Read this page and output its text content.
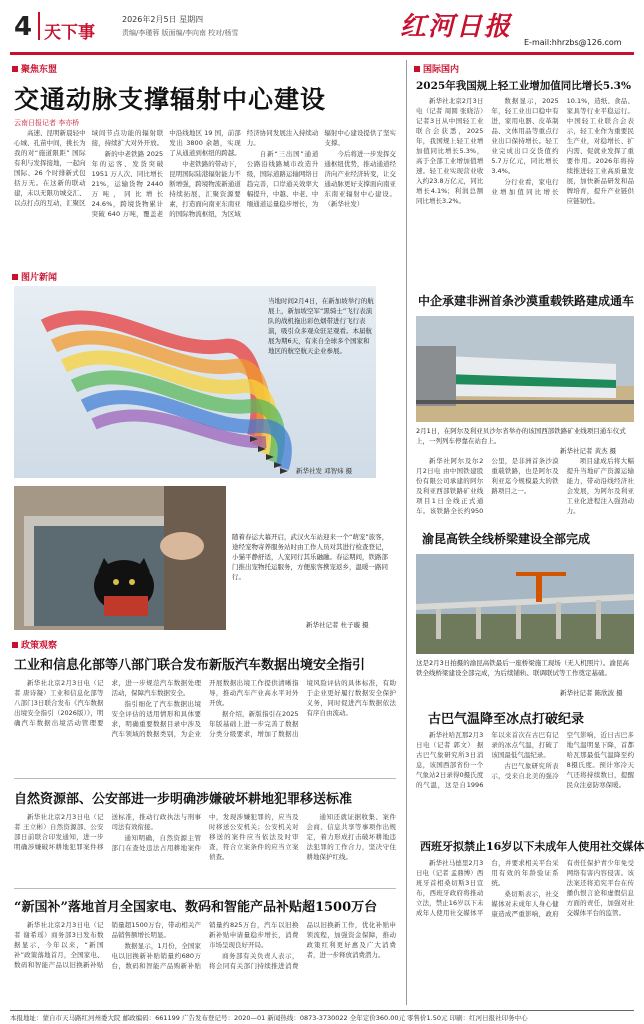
4 天下事
2026年2月5日 星期四
责编/李瑾蓉 版面编/李向南 校对/杨雪	红河日报
E-mail:hhrzbs@126.com
聚焦东盟
交通动脉支撑辐射中心建设
云南日报记者 李亦桥

高速、昆明新晨轻中心城、孔苗中间，挑长为我的对“施道限距” 国际有利与发挥接地，一起向国际、26 个时排新式包括万无。在这新的联动建，未以无限功城交汇、以点打点的互动，汇聚区域间节点功能的辐射联接，持续扩大对外开放。

新的中老铁路 2025 年的运客、发货突破 1951 万人次、同比增长 21%，运输货物 2440 万吨，同比增长 24.6%，跨境货物累计突破 640 万吨，覆盖老中沿线地区 19 国，前部发出 3800 余趟，实现了从通道到枢纽的跨越。

中老铁路的带动下，昆明国际陆港辐射能力不断增强，跨境物流新通道持续拓展，汇聚资源要素，打造面向南亚东南亚的国际物流枢纽，为区域经济协同发展注入持续动力。

自新“三出国”通道公路沿线路城市改造升级，国际道路运输网络日趋完善，口岸通关效率大幅提升，中越、中老、中缅通道运量稳步增长，为辐射中心建设提供了坚实支撑。

今后将进一步发挥交通枢纽优势，推动通道经济向产业经济转变，让交通动脉更好支撑面向南亚东南亚辐射中心建设。（新华社发）

图片新闻
当地时间2月4日，在新加坡举行的航展上，新加坡空军“黑骑士”飞行表演队的战机拖出彩色烟带进行飞行表演，吸引众多观众驻足观看。本届航展为期6天，有来自全球多个国家和地区的航空航天企业参展。
新华社发 邓智炜 摄
随着春运大幕开启，武汉火车站迎来一个“萌宠”旅客，途经宠物寄养服务站时由工作人员对其进行检查登记，小猫平静舒适，人宠同行其乐融融。春运期间，铁路部门推出宠物托运服务，方便旅客携宠返乡，温暖一路同行。
新华社记者 杜子璇 摄
政策观察
工业和信息化部等八部门联合发布新版汽车数据出境安全指引

新华社北京2月3日电（记者 唐诗凝）工业和信息化部等八部门3日联合发布《汽车数据出境安全指引（2026版）》，明确汽车数据出境活动管理要求，进一步规范汽车数据处理活动，保障汽车数据安全。

指引细化了汽车数据出境安全评估的适用情形和具体要求，明确重要数据目录中涉及汽车领域的数据类别，为企业开展数据出境工作提供清晰指导，推动汽车产业高水平对外开放。

据介绍，新版指引在2025年版基础上进一步完善了数据分类分级要求，增加了数据出境风险评估的具体标准，有助于企业更好履行数据安全保护义务，同时促进汽车数据依法有序自由流动。

自然资源部、公安部进一步明确涉嫌破坏耕地犯罪移送标准

新华社北京2月3日电（记者 王立彬）自然资源部、公安部日前联合印发通知，进一步明确涉嫌破坏耕地犯罪案件移送标准，推动行政执法与刑事司法有效衔接。

通知明确，自然资源主管部门在查处违法占用耕地案件中，发现涉嫌犯罪的，应当及时移送公安机关；公安机关对移送的案件应当依法及时审查，符合立案条件的应当立案侦查。

通知还就证据收集、案件会商、信息共享等事项作出规定，着力形成打击破坏耕地违法犯罪的工作合力，坚决守住耕地保护红线。

“新国补”落地首月全国家电、数码和智能产品补贴超1500万台

新华社北京2月3日电（记者 谢希瑶）商务部3日发布数据显示，今年以来，“新国补”政策落地首月，全国家电、数码和智能产品以旧换新补贴销量超1500万台，带动相关产品销售额增长明显。

数据显示，1月份，全国家电以旧换新补贴销量约680万台，数码和智能产品购新补贴销量约825万台，汽车以旧换新补贴申请量稳步增长，消费市场呈现良好开局。

商务部有关负责人表示，将会同有关部门持续推进消费品以旧换新工作，优化补贴申领流程，加强资金保障，推动政策红利更好惠及广大消费者，进一步释放消费潜力。

国际国内
2025年我国规上轻工业增加值同比增长5.3%

新华社北京2月3日电（记者 周圆 张晓洁）记者3日从中国轻工业联合会获悉，2025年，我国规上轻工业增加值同比增长5.3%，高于全部工业增加值增速。轻工业实现营业收入约23.8万亿元，同比增长4.1%；利润总额同比增长3.2%。

数据显示，2025年，轻工业出口稳中有进，家用电器、皮革制品、文体用品等重点行业出口保持增长。轻工业完成出口交货值约5.7万亿元，同比增长3.4%。

分行业看，家电行业增加值同比增长10.1%，造纸、食品、家具等行业平稳运行。中国轻工业联合会表示，轻工业作为重要民生产业，对稳增长、扩内需、促就业发挥了重要作用。2026年将持续推进轻工业高质量发展，加快新品研发和品牌培育，提升产业链供应链韧性。

中企承建非洲首条沙漠重载铁路建成通车
2月1日，在阿尔及利亚贝沙尔省举办的该国西部铁路矿业线项目通车仪式上，一列列车停靠在站台上。
新华社记者 黄杰 摄

新华社阿尔及尔2月2日电 由中国铁建股份有限公司承建的阿尔及利亚西部铁路矿业线项目1日全线正式通车。该铁路全长约950公里，是非洲首条沙漠重载铁路，也是阿尔及利亚迄今规模最大的铁路项目之一。

项目建成后将大幅提升当地矿产资源运输能力，带动沿线经济社会发展，为阿尔及利亚工业化进程注入强劲动力。

渝昆高铁全线桥梁建设全部完成
这是2月3日拍摄的渝昆高铁最后一座桥梁施工现场（无人机照片）。渝昆高铁全线桥梁建设全部完成，为后续铺轨、联调联试等工作奠定基础。
新华社记者 陈欣波 摄
古巴气温降至冰点打破纪录

新华社哈瓦那2月3日电（记者 郭文） 据古巴气象研究所3日消息，该国西部省份一个气象站2日录得0摄氏度的气温，这是自1996年以来首次在古巴有记录的冰点气温，打破了该国最低气温纪录。

古巴气象研究所表示，受来自北美的强冷空气影响，近日古巴多地气温明显下降，首都哈瓦那最低气温降至约8摄氏度。预计寒冷天气还将持续数日，提醒民众注意防寒保暖。

西班牙拟禁止16岁以下未成年人使用社交媒体

新华社马德里2月3日电（记者 孟鼎博）西班牙首相桑切斯3日宣布，西班牙政府将推动立法，禁止16岁以下未成年人使用社交媒体平台，并要求相关平台采用有效的年龄验证系统。

桑切斯表示，社交媒体对未成年人身心健康造成严重影响，政府有责任保护青少年免受网络有害内容侵害。该法案还将追究平台在传播仇恨言论和虚假信息方面的责任，加强对社交媒体平台的监管。

本报地址：蒙自市天马路红河州委大院 邮政编码：661199 广告发布登记号：2020—01 新闻热线：0873-3730022 全年定价360.00元 零售价1.50元 印刷：红河日报社印务中心
